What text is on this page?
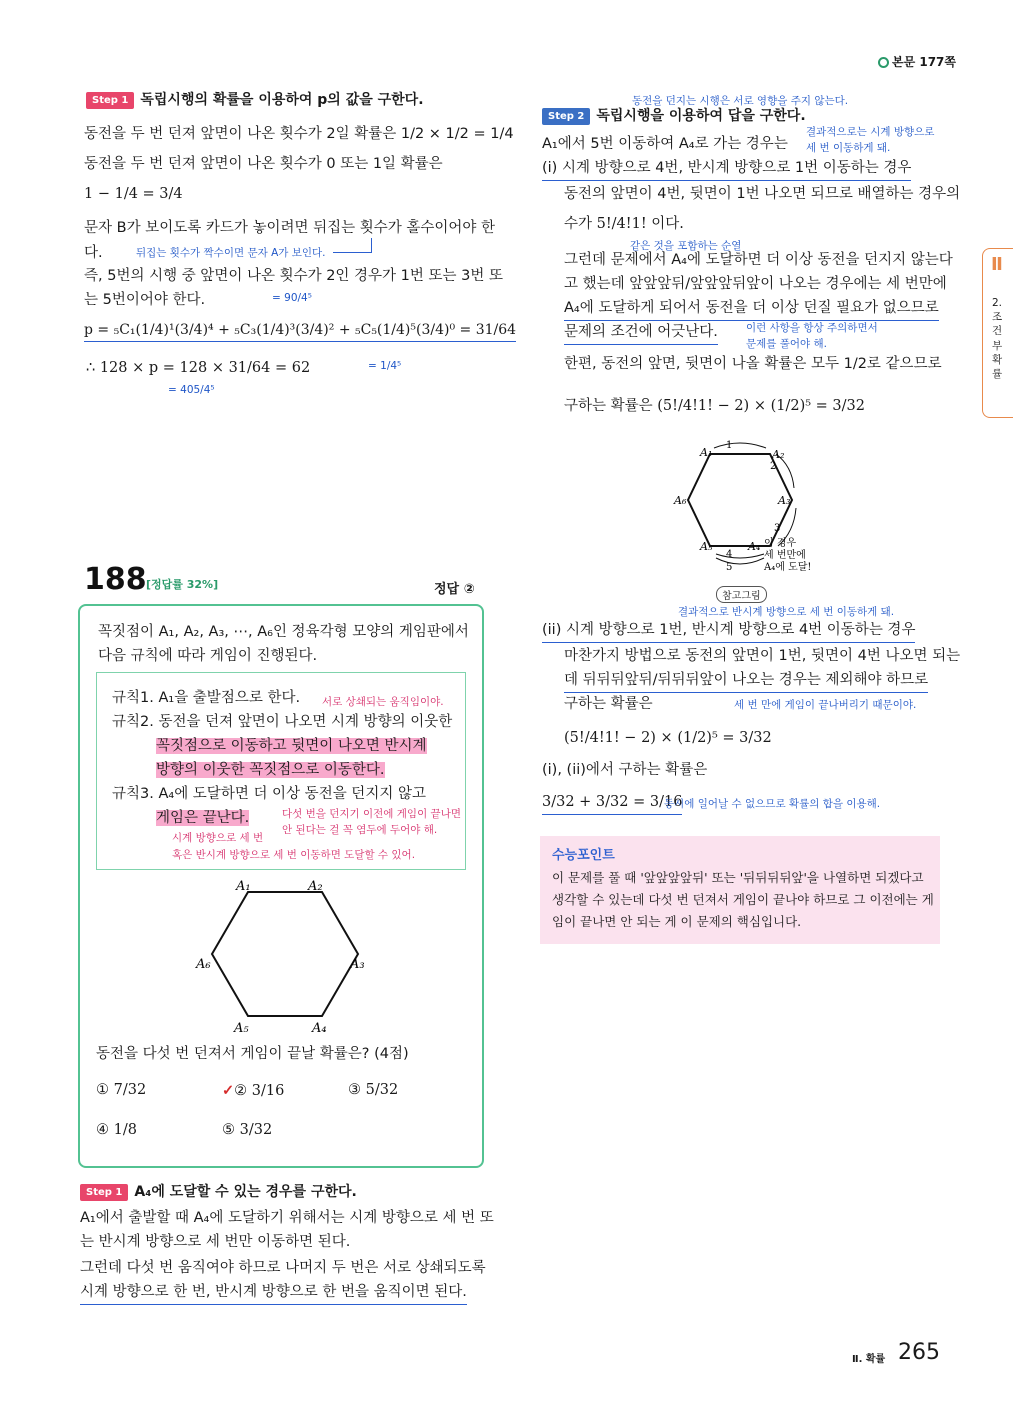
본문 177쪽
Step 1 독립시행의 확률을 이용하여 p의 값을 구한다.
동전을 두 번 던져 앞면이 나온 횟수가 2일 확률은 1/2 × 1/2 = 1/4
동전을 두 번 던져 앞면이 나온 횟수가 0 또는 1일 확률은
1 − 1/4 = 3/4
문자 B가 보이도록 카드가 놓이려면 뒤집는 횟수가 홀수이어야 한
다.	뒤집는 횟수가 짝수이면 문자 A가 보인다.
즉, 5번의 시행 중 앞면이 나온 횟수가 2인 경우가 1번 또는 3번 또
는 5번이어야 한다.	= 90/4⁵
p = ₅C₁(1/4)¹(3/4)⁴ + ₅C₃(1/4)³(3/4)² + ₅C₅(1/4)⁵(3/4)⁰ = 31/64
∴ 128 × p = 128 × 31/64 = 62
= 405/4⁵
= 1/4⁵
188 [정답률 32%]	정답 ②
꼭짓점이 A₁, A₂, A₃, ⋯, A₆인 정육각형 모양의 게임판에서
다음 규칙에 따라 게임이 진행된다.
규칙1. A₁을 출발점으로 한다. 서로 상쇄되는 움직임이야.
규칙2. 동전을 던져 앞면이 나오면 시계 방향의 이웃한
꼭짓점으로 이동하고 뒷면이 나오면 반시계
방향의 이웃한 꼭짓점으로 이동한다.
규칙3. A₄에 도달하면 더 이상 동전을 던지지 않고
게임은 끝난다.	다섯 번을 던지기 이전에 게임이 끝나면
안 된다는 걸 꼭 염두에 두어야 해.
시계 방향으로 세 번
혹은 반시계 방향으로 세 번 이동하면 도달할 수 있어.
A₁	A₂
A₃
A₄
A₅
A₆
동전을 다섯 번 던져서 게임이 끝날 확률은? (4점)
① 7/32	✓② 3/16	③ 5/32
④ 1/8	⑤ 3/32
Step 1 A₄에 도달할 수 있는 경우를 구한다.
A₁에서 출발할 때 A₄에 도달하기 위해서는 시계 방향으로 세 번 또
는 반시계 방향으로 세 번만 이동하면 된다.
그런데 다섯 번 움직여야 하므로 나머지 두 번은 서로 상쇄되도록
시계 방향으로 한 번, 반시계 방향으로 한 번을 움직이면 된다.
동전을 던지는 시행은 서로 영향을 주지 않는다.
Step 2 독립시행을 이용하여 답을 구한다.
A₁에서 5번 이동하여 A₄로 가는 경우는
결과적으로는 시계 방향으로
세 번 이동하게 돼.
(i) 시계 방향으로 4번, 반시계 방향으로 1번 이동하는 경우
동전의 앞면이 4번, 뒷면이 1번 나오면 되므로 배열하는 경우의
수가 5!/4!1! 이다.
같은 것을 포함하는 순열
그런데 문제에서 A₄에 도달하면 더 이상 동전을 던지지 않는다
고 했는데 앞앞앞뒤/앞앞앞뒤앞이 나오는 경우에는 세 번만에
A₄에 도달하게 되어서 동전을 더 이상 던질 필요가 없으므로
문제의 조건에 어긋난다.	이런 사항을 항상 주의하면서
문제를 풀어야 해.
한편, 동전의 앞면, 뒷면이 나올 확률은 모두 1/2로 같으므로
구하는 확률은 (5!/4!1! − 2) × (1/2)⁵ = 3/32
A₁	A₂
A₃
A₄
A₅
A₆
1
2
3
4
5
이 경우
세 번만에
A₄에 도달!
참고그림
결과적으로 반시계 방향으로 세 번 이동하게 돼.
(ii) 시계 방향으로 1번, 반시계 방향으로 4번 이동하는 경우
마찬가지 방법으로 동전의 앞면이 1번, 뒷면이 4번 나오면 되는
데 뒤뒤뒤앞뒤/뒤뒤뒤앞이 나오는 경우는 제외해야 하므로
구하는 확률은	세 번 만에 게임이 끝나버리기 때문이야.
(5!/4!1! − 2) × (1/2)⁵ = 3/32
(i), (ii)에서 구하는 확률은
3/32 + 3/32 = 3/16
동시에 일어날 수 없으므로 확률의 합을 이용해.
수능포인트
이 문제를 풀 때 '앞앞앞앞뒤' 또는 '뒤뒤뒤뒤앞'을 나열하면 되겠다고
생각할 수 있는데 다섯 번 던져서 게임이 끝나야 하므로 그 이전에는 게
임이 끝나면 안 되는 게 이 문제의 핵심입니다.
Ⅱ
2. 조건부확률
Ⅱ. 확률 265
